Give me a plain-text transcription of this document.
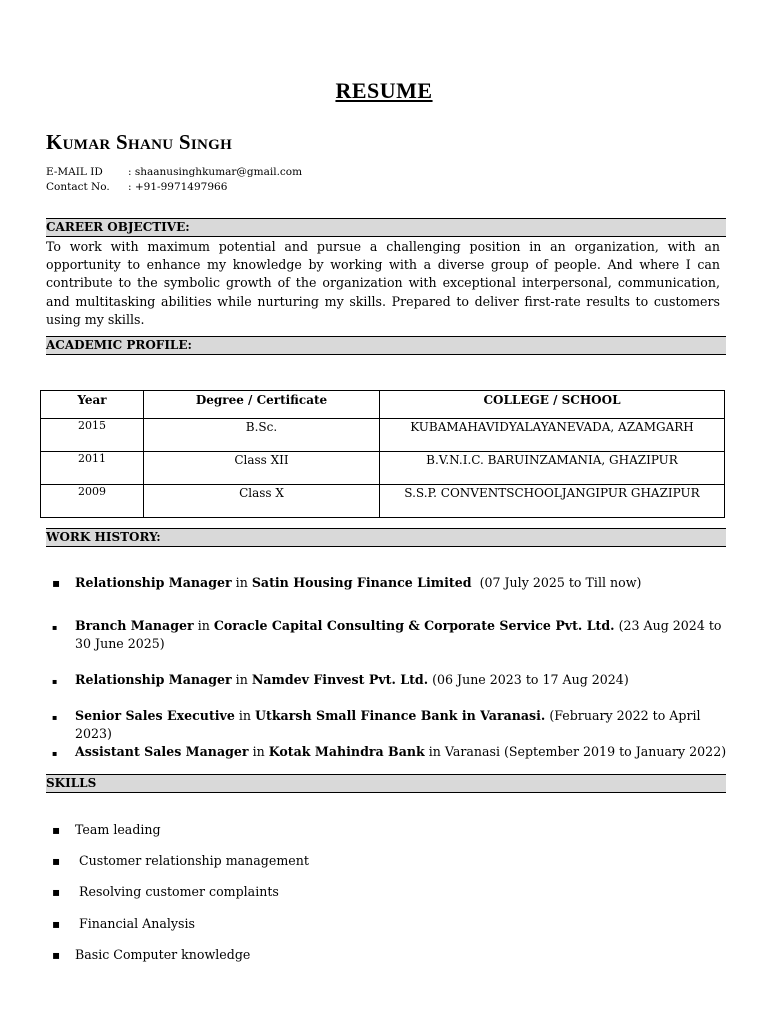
RESUME
Kumar Shanu Singh
E-MAIL ID : shaanusinghkumar@gmail.com
Contact No. : +91-9971497966
CAREER OBJECTIVE:
To work with maximum potential and pursue a challenging position in an organization, with an opportunity to enhance my knowledge by working with a diverse group of people. And where I can contribute to the symbolic growth of the organization with exceptional interpersonal, communication, and multitasking abilities while nurturing my skills. Prepared to deliver first-rate results to customers using my skills.
ACADEMIC PROFILE:
Year	Degree / Certificate	COLLEGE / SCHOOL
2015	B.Sc.	KUBAMAHAVIDYALAYANEVADA, AZAMGARH
2011	Class XII	B.V.N.I.C. BARUINZAMANIA, GHAZIPUR
2009	Class X	S.S.P. CONVENTSCHOOLJANGIPUR GHAZIPUR
WORK HISTORY:
▪
Relationship Manager in Satin Housing Finance Limited  (07 July 2025 to Till now)
▪
Branch Manager in Coracle Capital Consulting & Corporate Service Pvt. Ltd. (23 Aug 2024 to 30 June 2025)
▪
Relationship Manager in Namdev Finvest Pvt. Ltd. (06 June 2023 to 17 Aug 2024)
▪
Senior Sales Executive in Utkarsh Small Finance Bank in Varanasi. (February 2022 to April 2023)
▪
Assistant Sales Manager in Kotak Mahindra Bank in Varanasi (September 2019 to January 2022)
SKILLS
▪
Team leading
▪
Customer relationship management
▪
Resolving customer complaints
▪
Financial Analysis
▪
Basic Computer knowledge
